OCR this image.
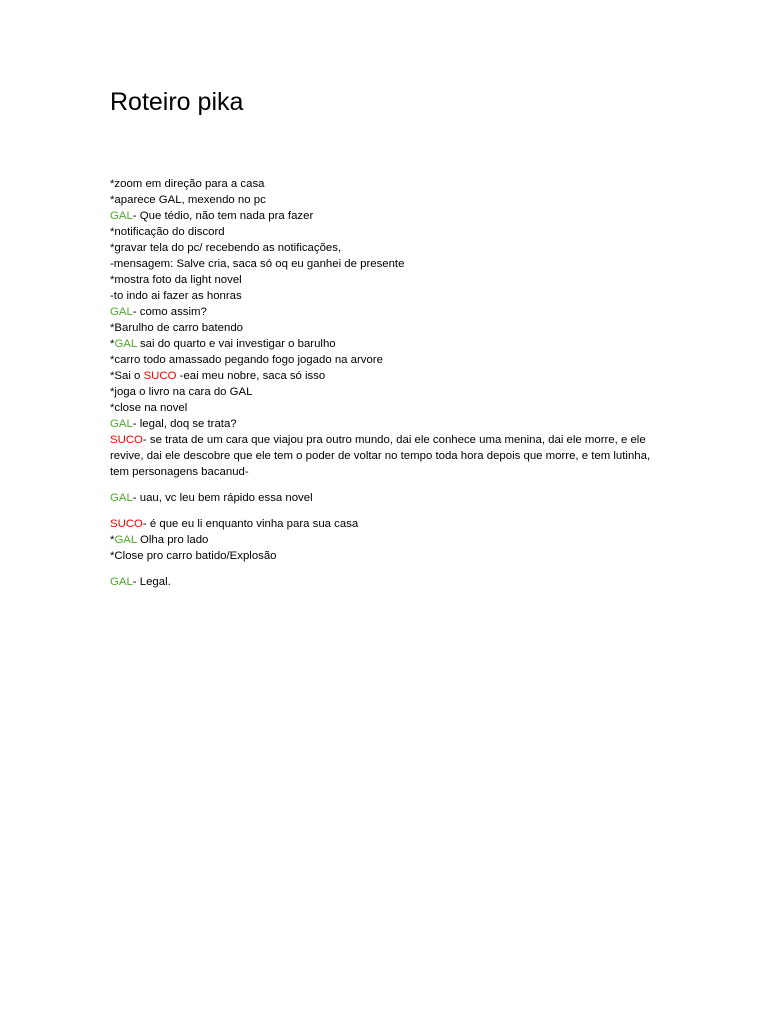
Roteiro pika
*zoom em direção para a casa
*aparece GAL, mexendo no pc
GAL- Que tédio, não tem nada pra fazer
*notificação do discord
*gravar tela do pc/ recebendo as notificações,
-mensagem: Salve cria, saca só oq eu ganhei de presente
*mostra foto da light novel
-to indo ai fazer as honras
GAL- como assim?
*Barulho de carro batendo
*GAL sai do quarto e vai investigar o barulho
*carro todo amassado pegando fogo jogado na arvore
*Sai o SUCO -eai meu nobre, saca só isso
*joga o livro na cara do GAL
*close na novel
GAL- legal, doq se trata?
SUCO- se trata de um cara que viajou pra outro mundo, dai ele conhece uma menina, dai ele morre, e ele revive, dai ele descobre que ele tem o poder de voltar no tempo toda hora depois que morre, e tem lutinha, tem personagens bacanud-
GAL- uau, vc leu bem rápido essa novel
SUCO- é que eu li enquanto vinha para sua casa
*GAL Olha pro lado
*Close pro carro batido/Explosão
GAL- Legal.
